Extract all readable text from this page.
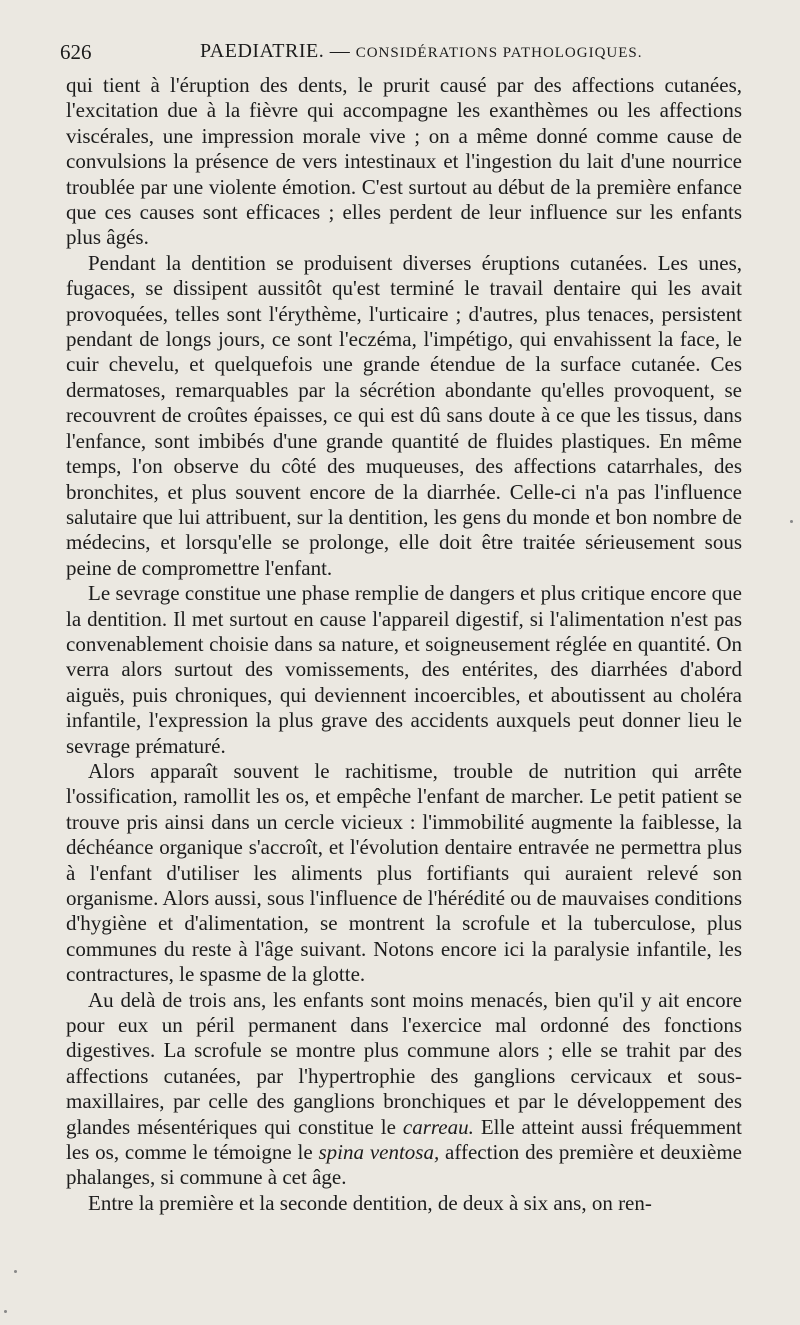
626	PAEDIATRIE. — CONSIDÉRATIONS PATHOLOGIQUES.

qui tient à l'éruption des dents, le prurit causé par des affections cutanées, l'excitation due à la fièvre qui accompagne les exanthèmes ou les affections viscérales, une impression morale vive ; on a même donné comme cause de convulsions la présence de vers intestinaux et l'ingestion du lait d'une nourrice troublée par une violente émotion. C'est surtout au début de la première enfance que ces causes sont efficaces ; elles perdent de leur influence sur les enfants plus âgés.

Pendant la dentition se produisent diverses éruptions cutanées. Les unes, fugaces, se dissipent aussitôt qu'est terminé le travail dentaire qui les avait provoquées, telles sont l'érythème, l'urticaire ; d'autres, plus tenaces, persistent pendant de longs jours, ce sont l'eczéma, l'impétigo, qui envahissent la face, le cuir chevelu, et quelquefois une grande étendue de la surface cutanée. Ces dermatoses, remarquables par la sécrétion abondante qu'elles provoquent, se recouvrent de croûtes épaisses, ce qui est dû sans doute à ce que les tissus, dans l'enfance, sont imbibés d'une grande quantité de fluides plastiques. En même temps, l'on observe du côté des muqueuses, des affections catarrhales, des bronchites, et plus souvent encore de la diarrhée. Celle-ci n'a pas l'influence salutaire que lui attribuent, sur la dentition, les gens du monde et bon nombre de médecins, et lorsqu'elle se prolonge, elle doit être traitée sérieusement sous peine de compromettre l'enfant.

Le sevrage constitue une phase remplie de dangers et plus critique encore que la dentition. Il met surtout en cause l'appareil digestif, si l'alimentation n'est pas convenablement choisie dans sa nature, et soigneusement réglée en quantité. On verra alors surtout des vomissements, des entérites, des diarrhées d'abord aiguës, puis chroniques, qui deviennent incoercibles, et aboutissent au choléra infantile, l'expression la plus grave des accidents auxquels peut donner lieu le sevrage prématuré.

Alors apparaît souvent le rachitisme, trouble de nutrition qui arrête l'ossification, ramollit les os, et empêche l'enfant de marcher. Le petit patient se trouve pris ainsi dans un cercle vicieux : l'immobilité augmente la faiblesse, la déchéance organique s'accroît, et l'évolution dentaire entravée ne permettra plus à l'enfant d'utiliser les aliments plus fortifiants qui auraient relevé son organisme. Alors aussi, sous l'influence de l'hérédité ou de mauvaises conditions d'hygiène et d'alimentation, se montrent la scrofule et la tuberculose, plus communes du reste à l'âge suivant. Notons encore ici la paralysie infantile, les contractures, le spasme de la glotte.

Au delà de trois ans, les enfants sont moins menacés, bien qu'il y ait encore pour eux un péril permanent dans l'exercice mal ordonné des fonctions digestives. La scrofule se montre plus commune alors ; elle se trahit par des affections cutanées, par l'hypertrophie des ganglions cervicaux et sous-maxillaires, par celle des ganglions bronchiques et par le développement des glandes mésentériques qui constitue le carreau. Elle atteint aussi fréquemment les os, comme le témoigne le spina ventosa, affection des première et deuxième phalanges, si commune à cet âge.

Entre la première et la seconde dentition, de deux à six ans, on ren-
